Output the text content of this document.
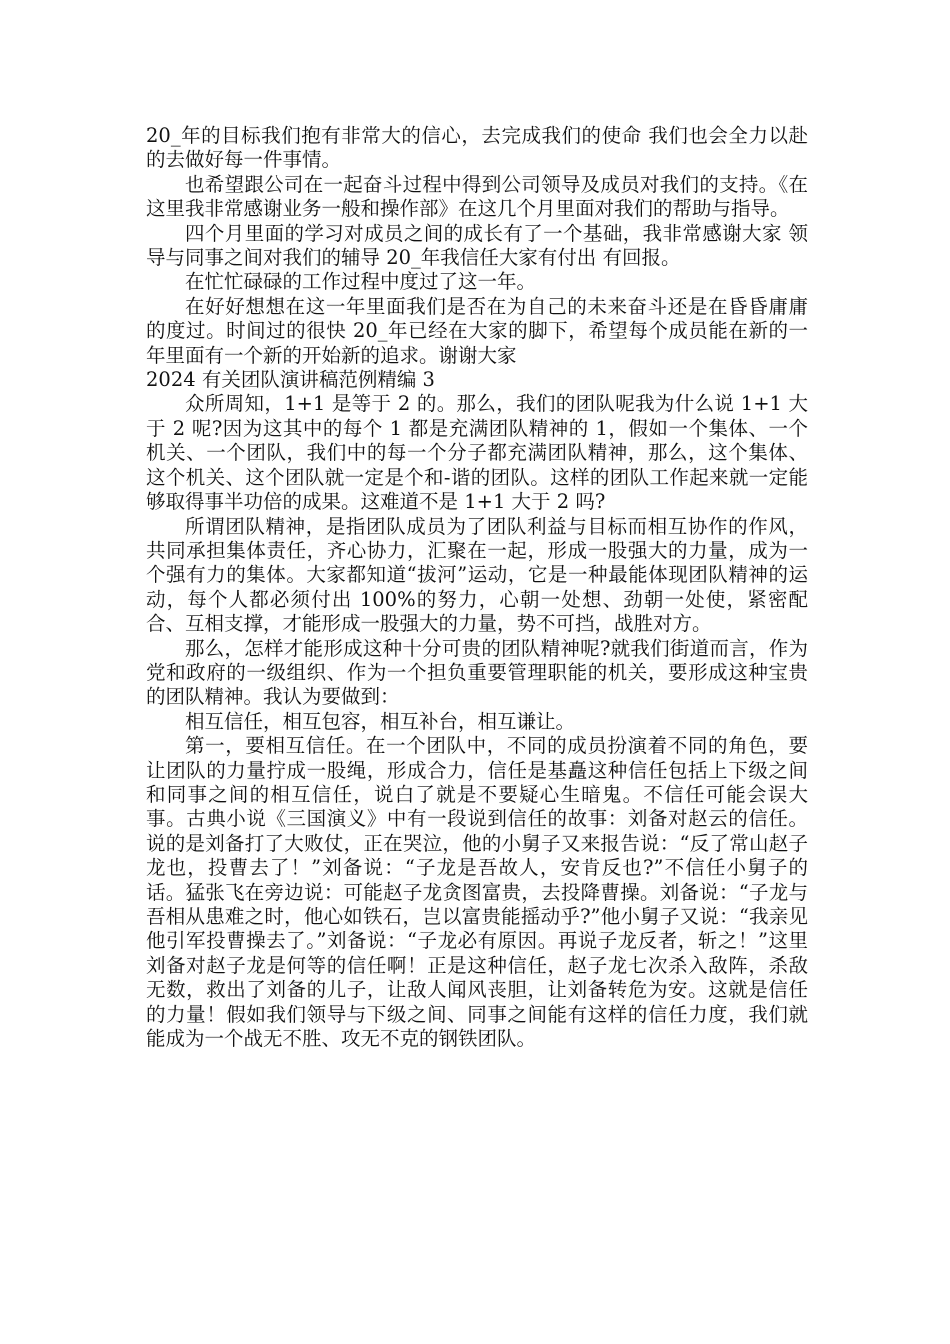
20_年的目标我们抱有非常大的信心，去完成我们的使命 我们也会全力以赴的去做好每一件事情。

也希望跟公司在一起奋斗过程中得到公司领导及成员对我们的支持。《在这里我非常感谢业务一般和操作部》在这几个月里面对我们的帮助与指导。

四个月里面的学习对成员之间的成长有了一个基础，我非常感谢大家 领导与同事之间对我们的辅导 20_年我信任大家有付出 有回报。

在忙忙碌碌的工作过程中度过了这一年。

在好好想想在这一年里面我们是否在为自己的未来奋斗还是在昏昏庸庸的度过。时间过的很快 20_年已经在大家的脚下，希望每个成员能在新的一年里面有一个新的开始新的追求。谢谢大家

2024 有关团队演讲稿范例精编 3

众所周知，1+1 是等于 2 的。那么，我们的团队呢我为什么说 1+1 大于 2 呢?因为这其中的每个 1 都是充满团队精神的 1，假如一个集体、一个机关、一个团队，我们中的每一个分子都充满团队精神，那么，这个集体、这个机关、这个团队就一定是个和-谐的团队。这样的团队工作起来就一定能够取得事半功倍的成果。这难道不是 1+1 大于 2 吗?

所谓团队精神，是指团队成员为了团队利益与目标而相互协作的作风，共同承担集体责任，齐心协力，汇聚在一起，形成一股强大的力量，成为一个强有力的集体。大家都知道“拔河”运动，它是一种最能体现团队精神的运动，每个人都必须付出 100%的努力，心朝一处想、劲朝一处使，紧密配合、互相支撑，才能形成一股强大的力量，势不可挡，战胜对方。

那么，怎样才能形成这种十分可贵的团队精神呢?就我们街道而言，作为党和政府的一级组织、作为一个担负重要管理职能的机关，要形成这种宝贵的团队精神。我认为要做到：

相互信任，相互包容，相互补台，相互谦让。

第一，要相互信任。在一个团队中，不同的成员扮演着不同的角色，要让团队的力量拧成一股绳，形成合力，信任是基矗这种信任包括上下级之间和同事之间的相互信任，说白了就是不要疑心生暗鬼。不信任可能会误大事。古典小说《三国演义》中有一段说到信任的故事：刘备对赵云的信任。说的是刘备打了大败仗，正在哭泣，他的小舅子又来报告说：“反了常山赵子龙也，投曹去了！”刘备说：“子龙是吾故人，安肯反也?”不信任小舅子的话。猛张飞在旁边说：可能赵子龙贪图富贵，去投降曹操。刘备说：“子龙与吾相从患难之时，他心如铁石，岂以富贵能摇动乎?”他小舅子又说：“我亲见他引军投曹操去了。”刘备说：“子龙必有原因。再说子龙反者，斩之！”这里刘备对赵子龙是何等的信任啊！正是这种信任，赵子龙七次杀入敌阵，杀敌无数，救出了刘备的儿子，让敌人闻风丧胆，让刘备转危为安。这就是信任的力量！假如我们领导与下级之间、同事之间能有这样的信任力度，我们就能成为一个战无不胜、攻无不克的钢铁团队。
